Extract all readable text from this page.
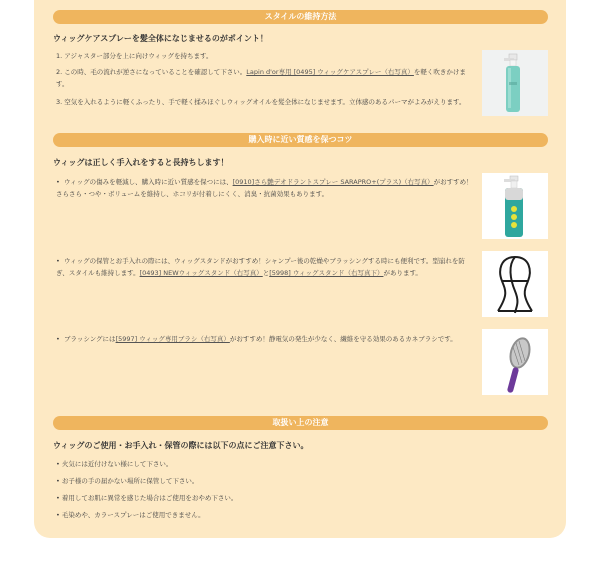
スタイルの維持方法
ウィッグケアスプレーを髪全体になじませるのがポイント！
1. アジャスター部分を上に向けウィッグを持ちます。
2. この時、毛の流れが逆さになっていることを確認して下さい。Lapin d'or専用 [0495] ウィッグケアスプレー（右写真）を軽く吹きかけます。
3. 空気を入れるように軽くふったり、手で軽く揉みほぐしウィッグオイルを髪全体になじませます。立体感のあるパーマがよみがえります。
購入時に近い質感を保つコツ
ウィッグは正しく手入れをすると長持ちします！
•  ウィッグの傷みを軽減し、購入時に近い質感を保つには、[0910]さら艶デオドラントスプレー SARAPRO+(プラス)（右写真）がおすすめ！さらさら・つや・ボリュームを維持し、ホコリが付着しにくく、消臭・抗菌効果もあります。
•  ウィッグの保管とお手入れの際には、ウィッグスタンドがおすすめ！シャンプー後の乾燥やブラッシングする時にも便利です。型崩れを防ぎ、スタイルも維持します。[0493] NEWウィッグスタンド（右写真）と[5998] ウィッグスタンド（右写真下）があります。
•  ブラッシングには[5997] ウィッグ専用ブラシ（右写真）がおすすめ！静電気の発生が少なく、繊維を守る効果のあるカネブラシです。
取扱い上の注意
ウィッグのご使用・お手入れ・保管の際には以下の点にご注意下さい。
• 火気には近付けない様にして下さい。
• お子様の手の届かない場所に保管して下さい。
• 着用してお肌に異常を感じた場合はご使用をおやめ下さい。
• 毛染めや、カラースプレーはご使用できません。
